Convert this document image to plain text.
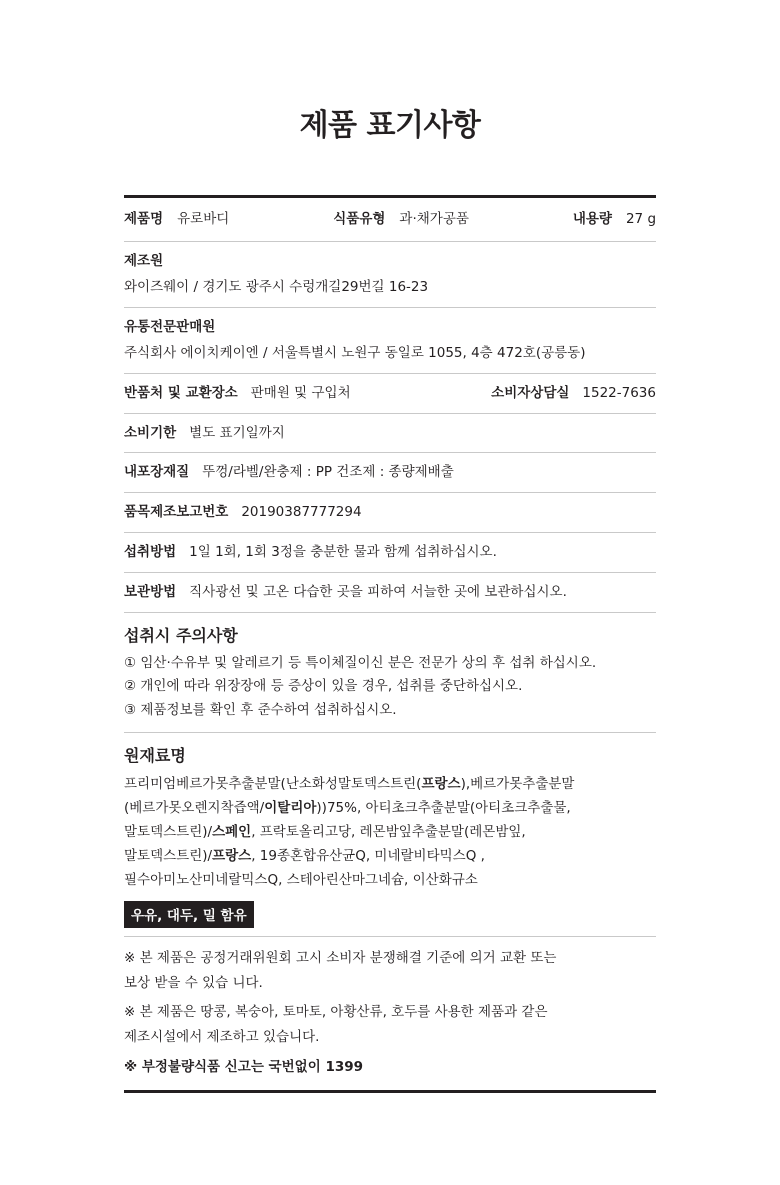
제품 표기사항
제품명 유로바디	식품유형 과·채가공품	내용량 27 g
제조원
와이즈웨이 / 경기도 광주시 수렁개길29번길 16-23
유통전문판매원
주식회사 에이치케이엔 / 서울특별시 노원구 동일로 1055, 4층 472호(공릉동)
반품처 및 교환장소 판매원 및 구입처	소비자상담실 1522-7636
소비기한 별도 표기일까지
내포장재질 뚜껑/라벨/완충제 : PP 건조제 : 종량제배출
품목제조보고번호 20190387777294
섭취방법 1일 1회, 1회 3정을 충분한 물과 함께 섭취하십시오.
보관방법 직사광선 및 고온 다습한 곳을 피하여 서늘한 곳에 보관하십시오.
섭취시 주의사항
① 임산·수유부 및 알레르기 등 특이체질이신 분은 전문가 상의 후 섭취 하십시오.
② 개인에 따라 위장장애 등 증상이 있을 경우, 섭취를 중단하십시오.
③ 제품정보를 확인 후 준수하여 섭취하십시오.
원재료명
프리미엄베르가못추출분말(난소화성말토덱스트린(프랑스),베르가못추출분말
(베르가못오렌지착즙액/이탈리아))75%, 아티초크추출분말(아티초크추출물,
말토덱스트린)/스페인, 프락토올리고당, 레몬밤잎추출분말(레몬밤잎,
말토덱스트린)/프랑스, 19종혼합유산균Q, 미네랄비타믹스Q ,
필수아미노산미네랄믹스Q, 스테아린산마그네슘, 이산화규소
우유, 대두, 밀 함유
※ 본 제품은 공정거래위원회 고시 소비자 분쟁해결 기준에 의거 교환 또는
보상 받을 수 있습 니다.
※ 본 제품은 땅콩, 복숭아, 토마토, 아황산류, 호두를 사용한 제품과 같은
제조시설에서 제조하고 있습니다.
※ 부정불량식품 신고는 국번없이 1399
